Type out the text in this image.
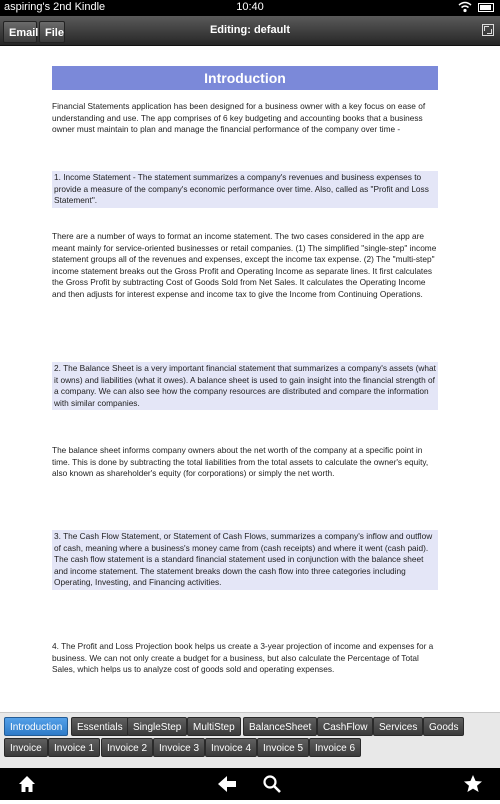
aspiring's 2nd Kindle	10:40
Email File	Editing: default
Introduction
Financial Statements application has been designed for a business owner with a key focus on ease of understanding and use. The app comprises of 6 key budgeting and accounting books that a business owner must maintain to plan and manage the financial performance of the company over time -
1. Income Statement - The statement summarizes a company's revenues and business expenses to provide a measure of the company's economic performance over time. Also, called as "Profit and Loss Statement".
There are a number of ways to format an income statement. The two cases considered in the app are meant mainly for service-oriented businesses or retail companies. (1) The simplified "single-step" income statement groups all of the revenues and expenses, except the income tax expense. (2) The "multi-step" income statement breaks out the Gross Profit and Operating Income as separate lines. It first calculates the Gross Profit by subtracting Cost of Goods Sold from Net Sales. It calculates the Operating Income and then adjusts for interest expense and income tax to give the Income from Continuing Operations.
2. The Balance Sheet is a very important financial statement that summarizes a company's assets (what it owns) and liabilities (what it owes). A balance sheet is used to gain insight into the financial strength of a company. We can also see how the company resources are distributed and compare the information with similar companies.
The balance sheet informs company owners about the net worth of the company at a specific point in time. This is done by subtracting the total liabilities from the total assets to calculate the owner's equity, also known as shareholder's equity (for corporations) or simply the net worth.
3. The Cash Flow Statement, or Statement of Cash Flows, summarizes a company's inflow and outflow of cash, meaning where a business's money came from (cash receipts) and where it went (cash paid). The cash flow statement is a standard financial statement used in conjunction with the balance sheet and income statement. The statement breaks down the cash flow into three categories including Operating, Investing, and Financing activities.
4. The Profit and Loss Projection book helps us create a 3-year projection of income and expenses for a business. We can not only create a budget for a business, but also calculate the Percentage of Total Sales, which helps us to analyze cost of goods sold and operating expenses.
Introduction	Essentials	SingleStep	MultiStep	BalanceSheet	CashFlow	Services	Goods
Invoice	Invoice 1	Invoice 2	Invoice 3	Invoice 4	Invoice 5	Invoice 6
